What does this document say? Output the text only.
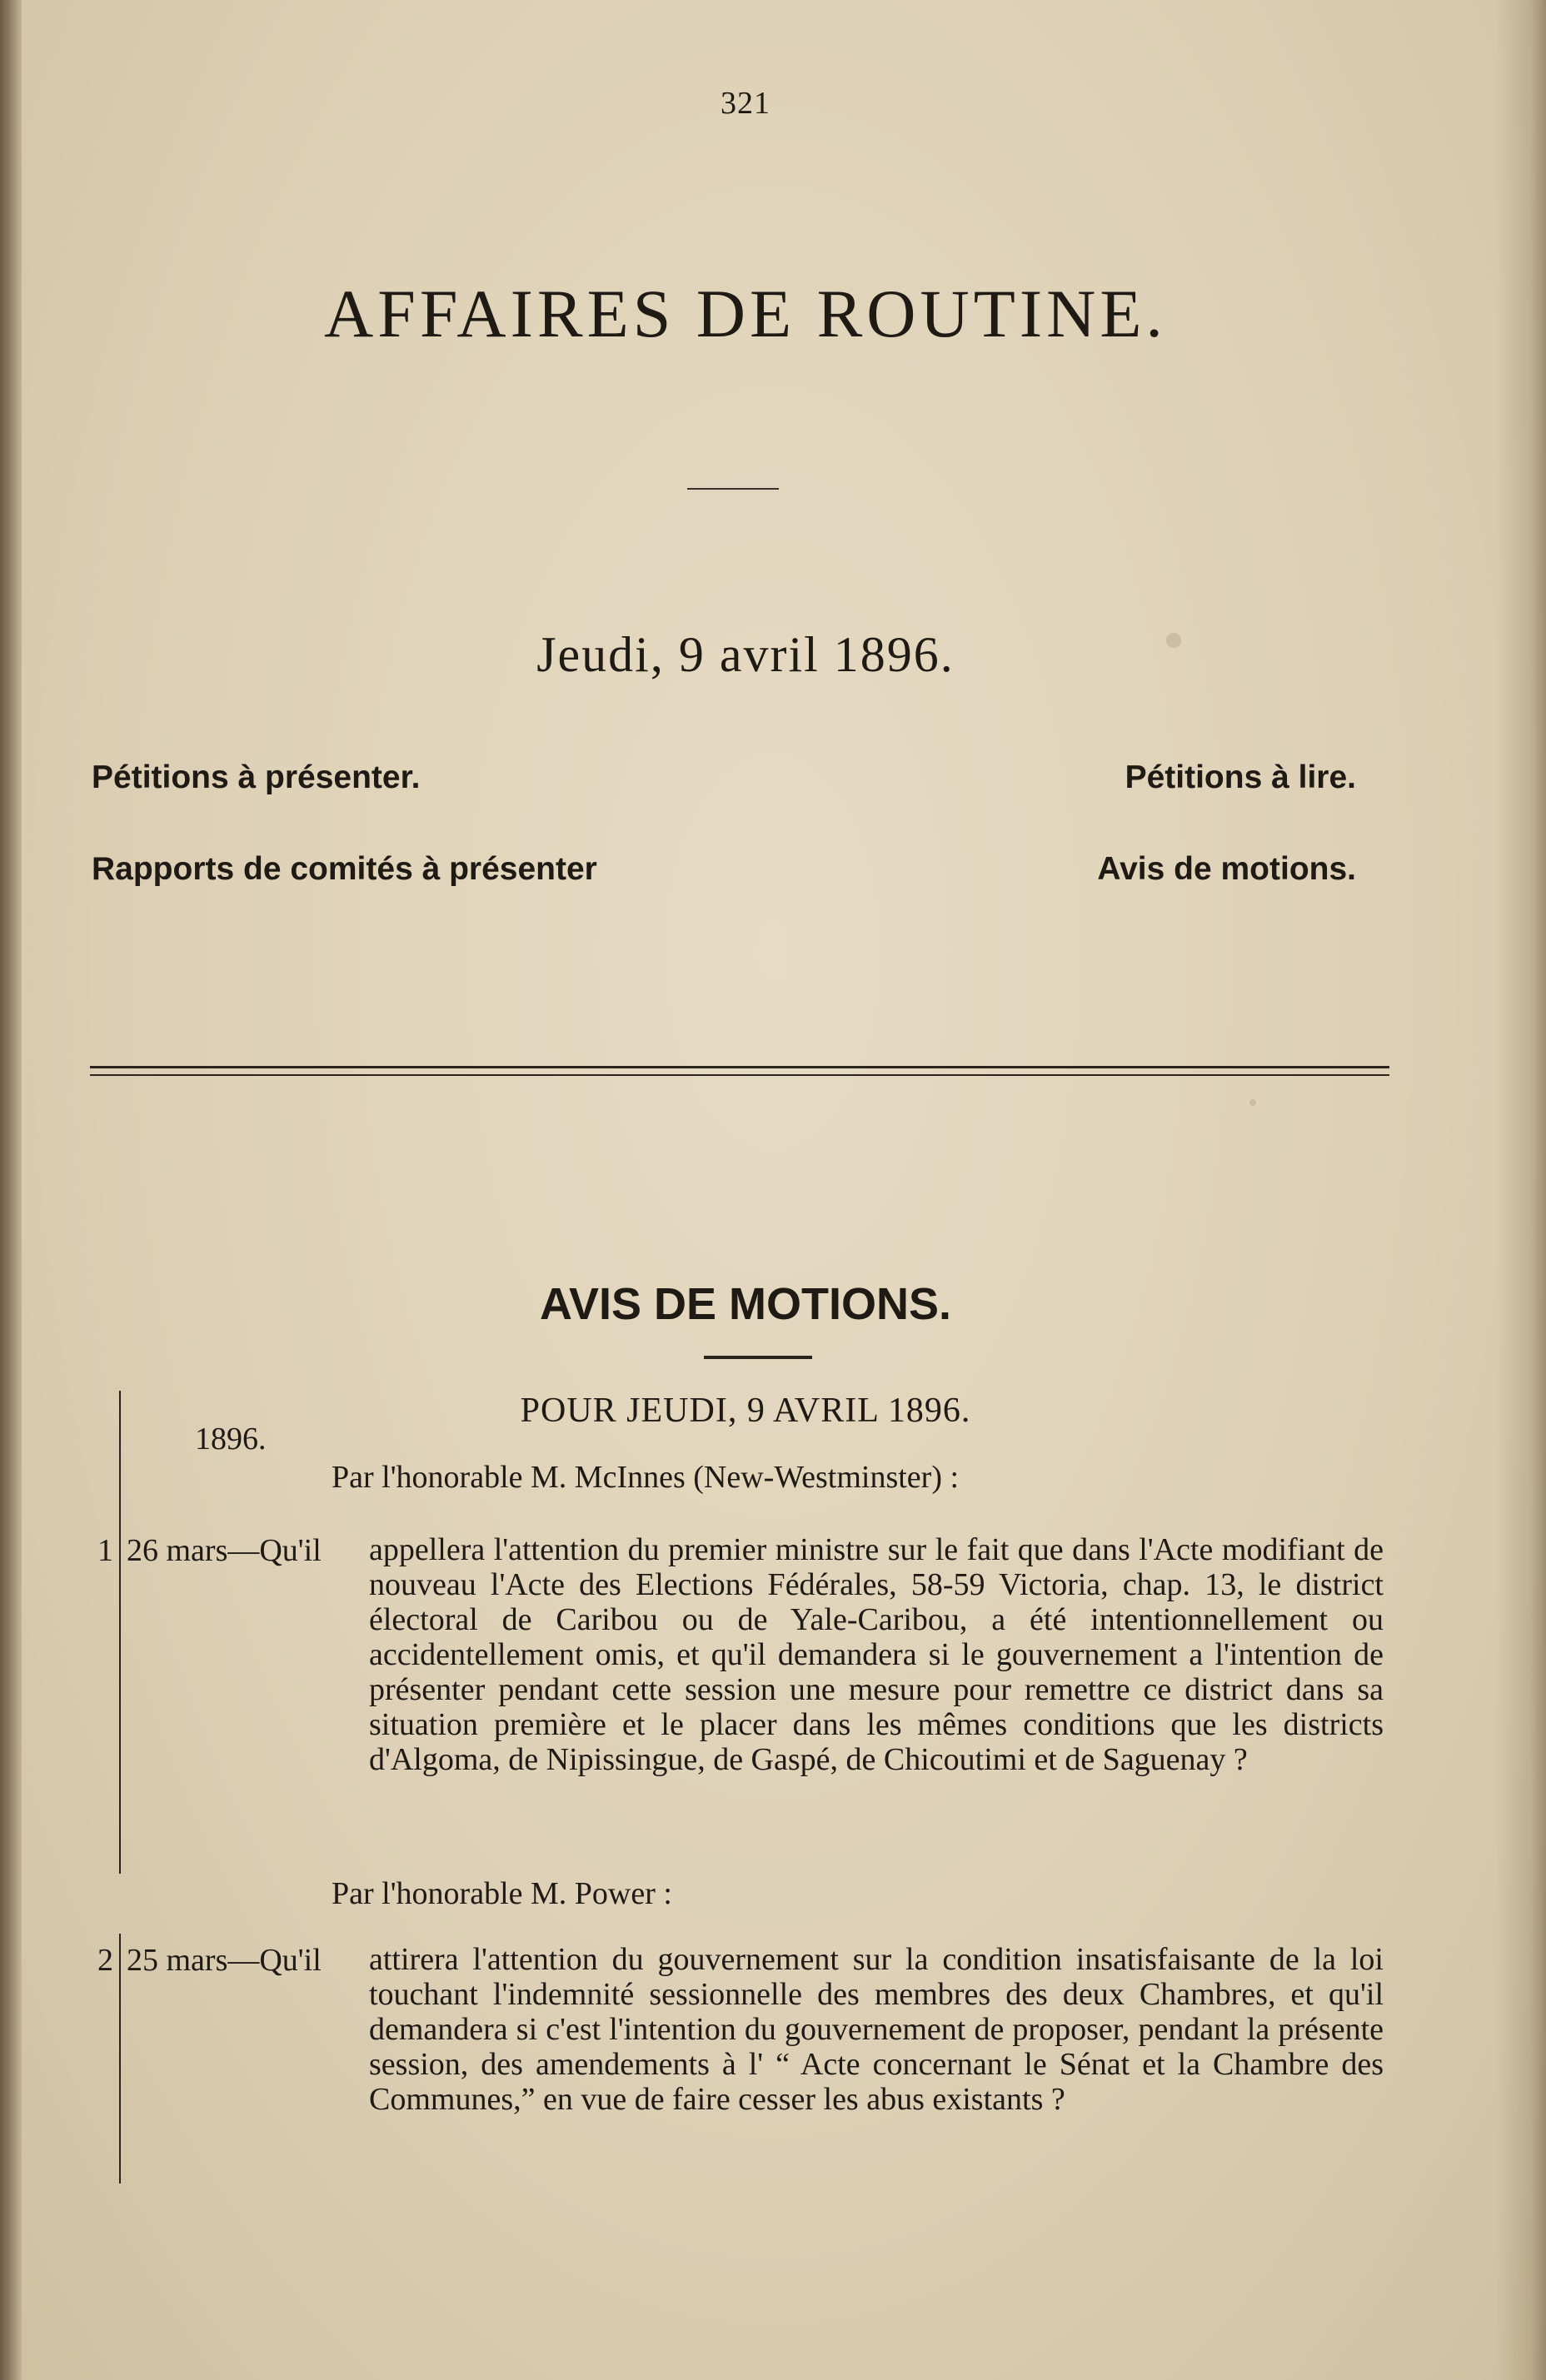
321
AFFAIRES DE ROUTINE.
Jeudi, 9 avril 1896.
Pétitions à présenter.
Rapports de comités à présenter
Pétitions à lire.
Avis de motions.
AVIS DE MOTIONS.
POUR JEUDI, 9 AVRIL 1896.
1896.
Par l'honorable M. McInnes (New-Westminster) :
1 26 mars—Qu'il appellera l'attention du premier ministre sur le fait que dans l'Acte modifiant de nouveau l'Acte des Elections Fédérales, 58-59 Victoria, chap. 13, le district électoral de Caribou ou de Yale-Caribou, a été intentionnellement ou accidentellement omis, et qu'il demandera si le gouvernement a l'intention de présenter pendant cette session une mesure pour remettre ce district dans sa situation première et le placer dans les mêmes conditions que les districts d'Algoma, de Nipissingue, de Gaspé, de Chicoutimi et de Saguenay ?
Par l'honorable M. Power :
2 25 mars—Qu'il attirera l'attention du gouvernement sur la condition insatisfaisante de la loi touchant l'indemnité sessionnelle des membres des deux Chambres, et qu'il demandera si c'est l'intention du gouvernement de proposer, pendant la présente session, des amendements à l' “ Acte concernant le Sénat et la Chambre des Communes,” en vue de faire cesser les abus existants ?
